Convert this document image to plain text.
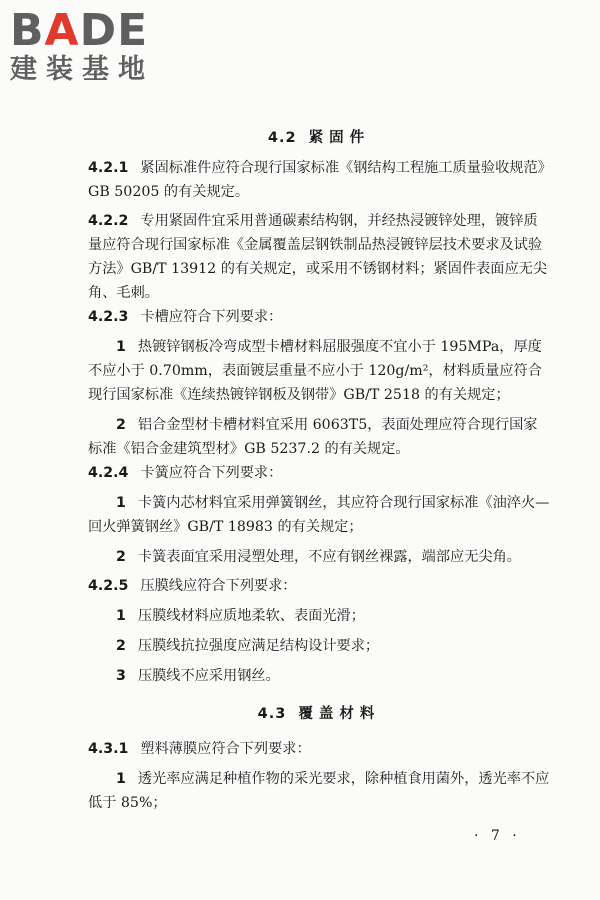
BADE
建装基地
4.2 紧固件
4.2.1 紧固标准件应符合现行国家标准《钢结构工程施工质量验收规范》GB 50205 的有关规定。
4.2.2 专用紧固件宜采用普通碳素结构钢，并经热浸镀锌处理，镀锌质量应符合现行国家标准《金属覆盖层钢铁制品热浸镀锌层技术要求及试验方法》GB/T 13912 的有关规定，或采用不锈钢材料；紧固件表面应无尖角、毛刺。
4.2.3 卡槽应符合下列要求：
1 热镀锌钢板冷弯成型卡槽材料屈服强度不宜小于 195MPa，厚度不应小于 0.70mm，表面镀层重量不应小于 120g/m²，材料质量应符合现行国家标准《连续热镀锌钢板及钢带》GB/T 2518 的有关规定；
2 铝合金型材卡槽材料宜采用 6063T5，表面处理应符合现行国家标准《铝合金建筑型材》GB 5237.2 的有关规定。
4.2.4 卡簧应符合下列要求：
1 卡簧内芯材料宜采用弹簧钢丝，其应符合现行国家标准《油淬火—回火弹簧钢丝》GB/T 18983 的有关规定；
2 卡簧表面宜采用浸塑处理，不应有钢丝裸露，端部应无尖角。
4.2.5 压膜线应符合下列要求：
1 压膜线材料应质地柔软、表面光滑；
2 压膜线抗拉强度应满足结构设计要求；
3 压膜线不应采用钢丝。
4.3 覆盖材料
4.3.1 塑料薄膜应符合下列要求：
1 透光率应满足种植作物的采光要求，除种植食用菌外，透光率不应低于 85%；
· 7 ·
